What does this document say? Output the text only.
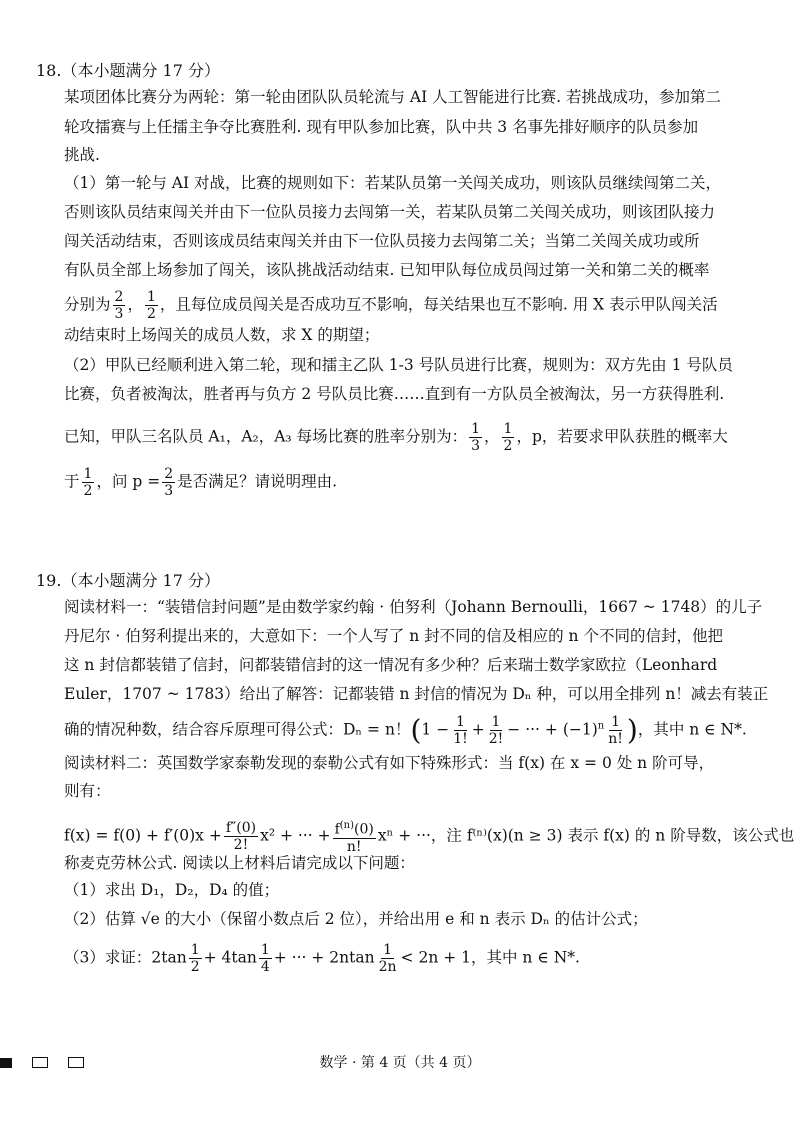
18.（本小题满分 17 分）
某项团体比赛分为两轮：第一轮由团队队员轮流与 AI 人工智能进行比赛. 若挑战成功，参加第二
轮攻擂赛与上任擂主争夺比赛胜利. 现有甲队参加比赛，队中共 3 名事先排好顺序的队员参加
挑战.
（1）第一轮与 AI 对战，比赛的规则如下：若某队员第一关闯关成功，则该队员继续闯第二关，
否则该队员结束闯关并由下一位队员接力去闯第一关，若某队员第二关闯关成功，则该团队接力
闯关活动结束，否则该成员结束闯关并由下一位队员接力去闯第二关；当第二关闯关成功或所
有队员全部上场参加了闯关，该队挑战活动结束. 已知甲队每位成员闯过第一关和第二关的概率
分别为 $\frac{2}{3}$ ， $\frac{1}{2}$ ，且每位成员闯关是否成功互不影响，每关结果也互不影响. 用 X 表示甲队闯关活
动结束时上场闯关的成员人数，求 X 的期望；
（2）甲队已经顺利进入第二轮，现和擂主乙队 1-3 号队员进行比赛，规则为：双方先由 1 号队员
比赛，负者被淘汰，胜者再与负方 2 号队员比赛……直到有一方队员全被淘汰，另一方获得胜利.
已知，甲队三名队员 A₁，A₂，A₃ 每场比赛的胜率分别为： $\frac{1}{3}$ ， $\frac{1}{2}$ ，p，若要求甲队获胜的概率大
于 $\frac{1}{2}$ ，问 $p = \frac{2}{3}$ 是否满足？请说明理由.
19.（本小题满分 17 分）
阅读材料一：“装错信封问题”是由数学家约翰 · 伯努利（Johann Bernoulli，1667 ~ 1748）的儿子
丹尼尔 · 伯努利提出来的，大意如下：一个人写了 n 封不同的信及相应的 n 个不同的信封，他把
这 n 封信都装错了信封，问都装错信封的这一情况有多少种？后来瑞士数学家欧拉（Leonhard
Euler，1707 ~ 1783）给出了解答：记都装错 n 封信的情况为 Dₙ 种，可以用全排列 n！减去有装正
确的情况种数，结合容斥原理可得公式：Dₙ = n！($1 - \frac{1}{1!} + \frac{1}{2!}$ − ··· + $(-1)^n \frac{1}{n!}$ )，其中 n ∈ N*.
阅读材料二：英国数学家泰勒发现的泰勒公式有如下特殊形式：当 f(x) 在 x = 0 处 n 阶可导，
则有：
$f(x) = f(0) + f'(0)x + \frac{f''(0)}{2!} x^2$ + ··· + $\frac{f^{(n)}(0)}{n!}$ xⁿ + ···，注 f⁽ⁿ⁾(x)(n ≥ 3) 表示 f(x) 的 n 阶导数，该公式也
称麦克劳林公式. 阅读以上材料后请完成以下问题：
（1）求出 D₁，D₂，D₄ 的值；
（2）估算 √e 的大小（保留小数点后 2 位），并给出用 e 和 n 表示 Dₙ 的估计公式；
（3）求证：$2\tan \frac{1}{2} + 4\tan \frac{1}{4}$ + ··· + $2ntan \frac{1}{2n} < 2n + 1$，其中 n ∈ N*.
数学 · 第 4 页（共 4 页）
